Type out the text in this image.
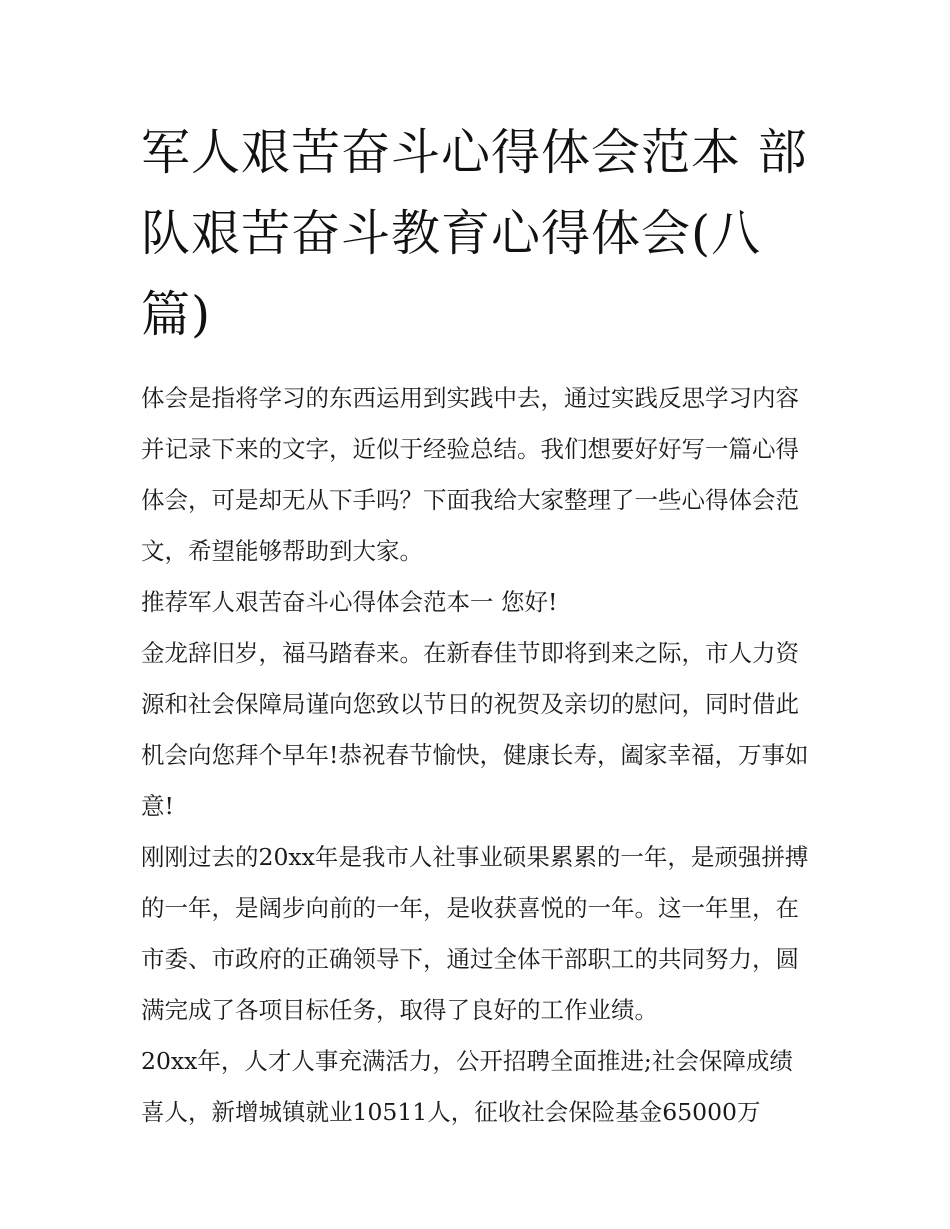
军人艰苦奋斗心得体会范本 部队艰苦奋斗教育心得体会(八篇)

体会是指将学习的东西运用到实践中去，通过实践反思学习内容并记录下来的文字，近似于经验总结。我们想要好好写一篇心得体会，可是却无从下手吗？下面我给大家整理了一些心得体会范文，希望能够帮助到大家。

推荐军人艰苦奋斗心得体会范本一 您好!

金龙辞旧岁，福马踏春来。在新春佳节即将到来之际，市人力资源和社会保障局谨向您致以节日的祝贺及亲切的慰问，同时借此机会向您拜个早年!恭祝春节愉快，健康长寿，阖家幸福，万事如意!

刚刚过去的20xx年是我市人社事业硕果累累的一年，是顽强拼搏的一年，是阔步向前的一年，是收获喜悦的一年。这一年里，在市委、市政府的正确领导下，通过全体干部职工的共同努力，圆满完成了各项目标任务，取得了良好的工作业绩。

20xx年，人才人事充满活力，公开招聘全面推进;社会保障成绩喜人，新增城镇就业10511人，征收社会保险基金65000万
